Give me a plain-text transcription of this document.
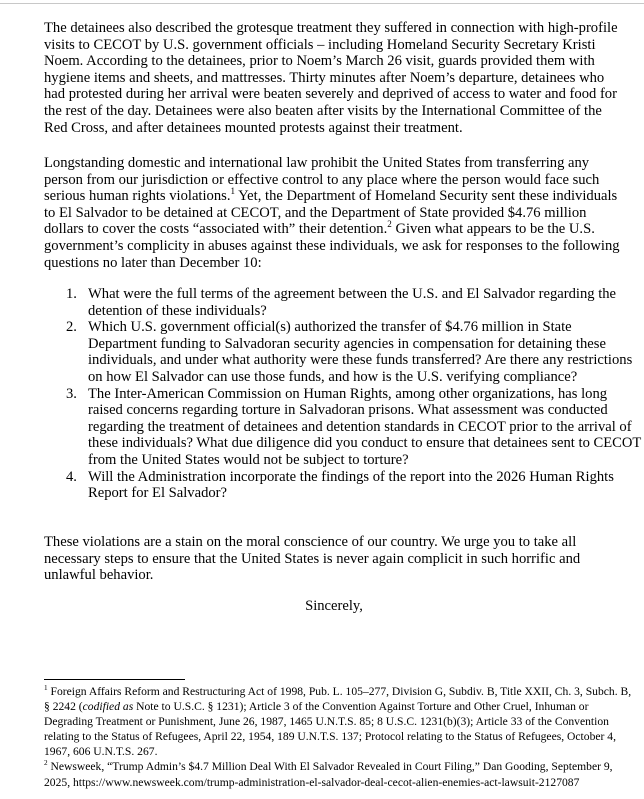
The detainees also described the grotesque treatment they suffered in connection with high-profile visits to CECOT by U.S. government officials – including Homeland Security Secretary Kristi Noem. According to the detainees, prior to Noem’s March 26 visit, guards provided them with hygiene items and sheets, and mattresses. Thirty minutes after Noem’s departure, detainees who had protested during her arrival were beaten severely and deprived of access to water and food for the rest of the day. Detainees were also beaten after visits by the International Committee of the Red Cross, and after detainees mounted protests against their treatment.

Longstanding domestic and international law prohibit the United States from transferring any person from our jurisdiction or effective control to any place where the person would face such serious human rights violations.$^1$ Yet, the Department of Homeland Security sent these individuals to El Salvador to be detained at CECOT, and the Department of State provided $4.76 million dollars to cover the costs “associated with” their detention.$^2$ Given what appears to be the U.S. government’s complicity in abuses against these individuals, we ask for responses to the following questions no later than December 10:

1. What were the full terms of the agreement between the U.S. and El Salvador regarding the detention of these individuals?
2. Which U.S. government official(s) authorized the transfer of $4.76 million in State Department funding to Salvadoran security agencies in compensation for detaining these individuals, and under what authority were these funds transferred? Are there any restrictions on how El Salvador can use those funds, and how is the U.S. verifying compliance?
3. The Inter-American Commission on Human Rights, among other organizations, has long raised concerns regarding torture in Salvadoran prisons. What assessment was conducted regarding the treatment of detainees and detention standards in CECOT prior to the arrival of these individuals? What due diligence did you conduct to ensure that detainees sent to CECOT from the United States would not be subject to torture?
4. Will the Administration incorporate the findings of the report into the 2026 Human Rights Report for El Salvador?

These violations are a stain on the moral conscience of our country. We urge you to take all necessary steps to ensure that the United States is never again complicit in such horrific and unlawful behavior.

Sincerely,

$^1$ Foreign Affairs Reform and Restructuring Act of 1998, Pub. L. 105–277, Division G, Subdiv. B, Title XXII, Ch. 3, Subch. B, § 2242 (codified as Note to U.S.C. § 1231); Article 3 of the Convention Against Torture and Other Cruel, Inhuman or Degrading Treatment or Punishment, June 26, 1987, 1465 U.N.T.S. 85; 8 U.S.C. 1231(b)(3); Article 33 of the Convention relating to the Status of Refugees, April 22, 1954, 189 U.N.T.S. 137; Protocol relating to the Status of Refugees, October 4, 1967, 606 U.N.T.S. 267.

$^2$ Newsweek, “Trump Admin’s $4.7 Million Deal With El Salvador Revealed in Court Filing,” Dan Gooding, September 9, 2025, https://www.newsweek.com/trump-administration-el-salvador-deal-cecot-alien-enemies-act-lawsuit-2127087
